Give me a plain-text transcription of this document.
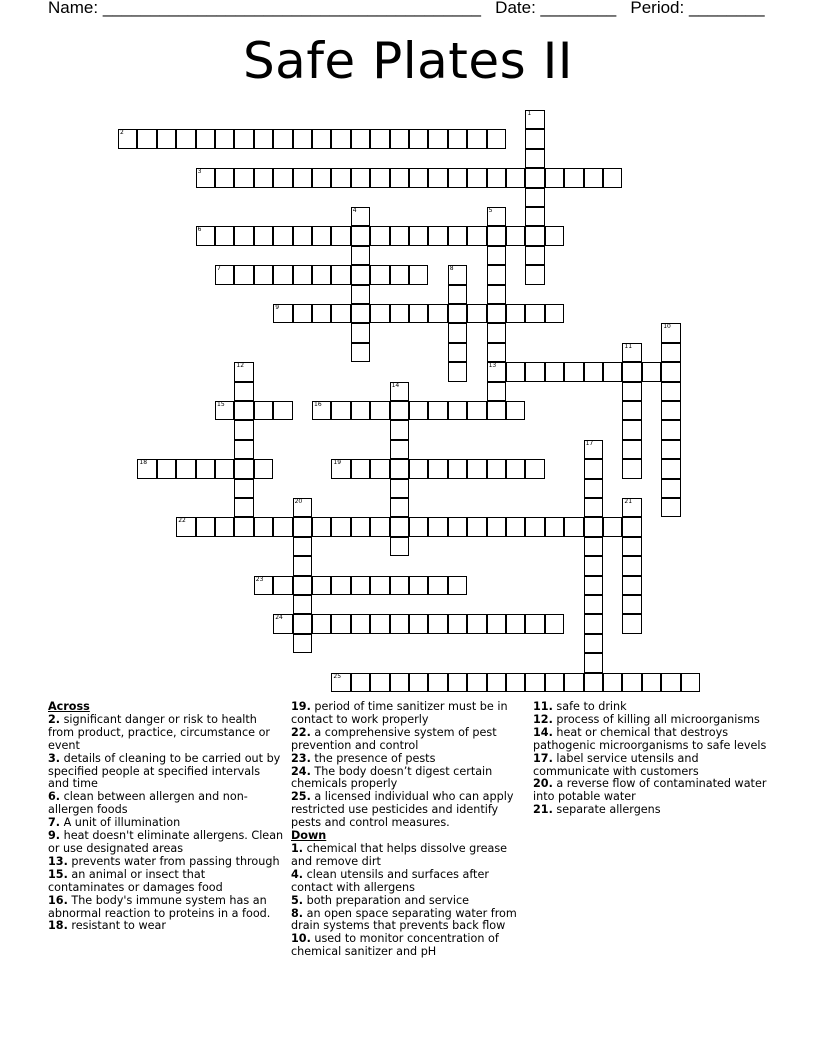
Name: ________________________________________ Date: ________ Period: ________
Safe Plates II
1
2
3
4	5
13
6
7	8
9
10
11
12
14
15	16
17
18	19
20	21
22
23
24
25
Across
2. significant danger or risk to health from product, practice, circumstance or event
3. details of cleaning to be carried out by specified people at specified intervals and time
6. clean between allergen and non-allergen foods
7. A unit of illumination
9. heat doesn't eliminate allergens. Clean or use designated areas
13. prevents water from passing through
15. an animal or insect that contaminates or damages food
16. The body's immune system has an abnormal reaction to proteins in a food.
18. resistant to wear
19. period of time sanitizer must be in contact to work properly
22. a comprehensive system of pest prevention and control
23. the presence of pests
24. The body doesn’t digest certain chemicals properly
25. a licensed individual who can apply restricted use pesticides and identify pests and control measures.
Down
1. chemical that helps dissolve grease and remove dirt
4. clean utensils and surfaces after contact with allergens
5. both preparation and service
8. an open space separating water from drain systems that prevents back flow
10. used to monitor concentration of chemical sanitizer and pH
11. safe to drink
12. process of killing all microorganisms
14. heat or chemical that destroys pathogenic microorganisms to safe levels
17. label service utensils and communicate with customers
20. a reverse flow of contaminated water into potable water
21. separate allergens
